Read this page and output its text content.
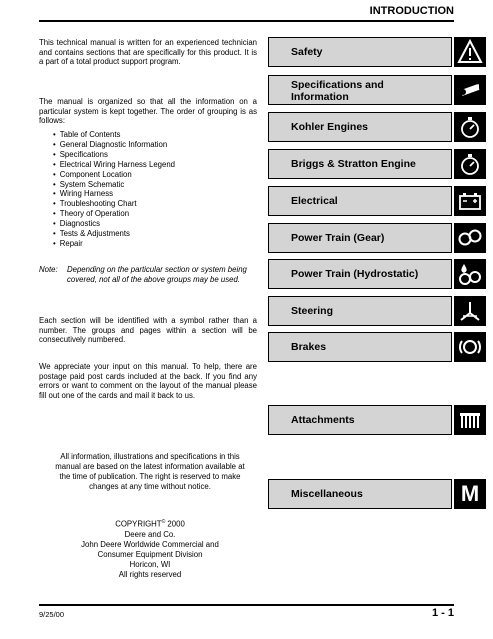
INTRODUCTION
This technical manual is written for an experienced technician and contains sections that are specifically for this product. It is a part of a total product support program.
The manual is organized so that all the information on a particular system is kept together. The order of grouping is as follows:
• Table of Contents
• General Diagnostic Information
• Specifications
• Electrical Wiring Harness Legend
• Component Location
• System Schematic
• Wiring Harness
• Troubleshooting Chart
• Theory of Operation
• Diagnostics
• Tests & Adjustments
• Repair
Note: Depending on the particular section or system being covered, not all of the above groups may be used.
Each section will be identified with a symbol rather than a number. The groups and pages within a section will be consecutively numbered.
We appreciate your input on this manual. To help, there are postage paid post cards included at the back. If you find any errors or want to comment on the layout of the manual please fill out one of the cards and mail it back to us.
All information, illustrations and specifications in this manual are based on the latest information available at the time of publication. The right is reserved to make changes at any time without notice.
COPYRIGHT© 2000
Deere and Co.
John Deere Worldwide Commercial and
Consumer Equipment Division
Horicon, WI
All rights reserved
Safety
Specifications and Information
Kohler Engines
Briggs & Stratton Engine
Electrical
Power Train (Gear)
Power Train (Hydrostatic)
Steering
Brakes
Attachments
Miscellaneous	M
9/25/00	1 - 1
